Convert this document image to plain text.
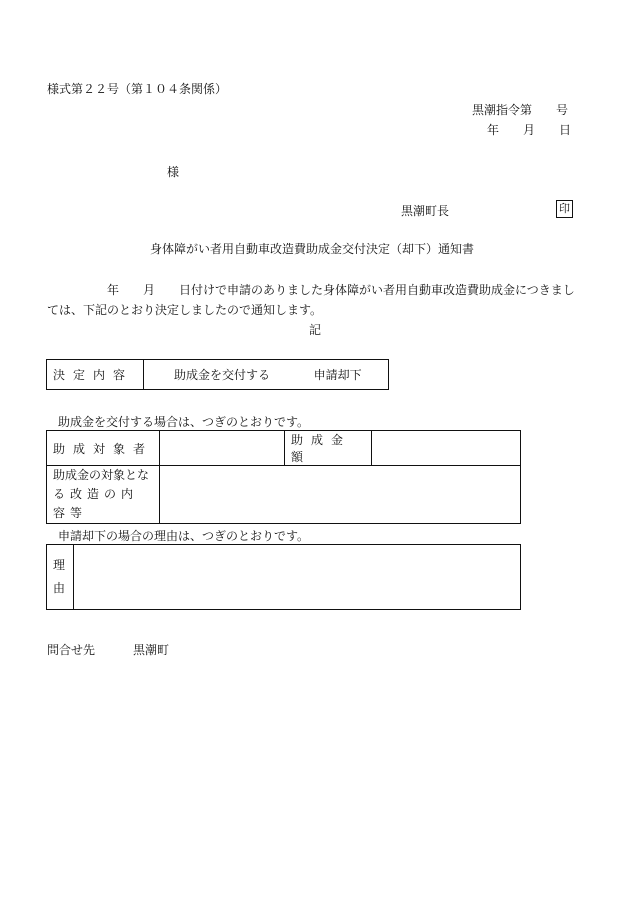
様式第２２号（第１０４条関係）
黒潮指令第　　号
年　　月　　日
様
黒潮町長	印
身体障がい者用自動車改造費助成金交付決定（却下）通知書
年　　月　　日付けで申請のありました身体障がい者用自動車改造費助成金につきまし
ては、下記のとおり決定しましたので通知します。
記
決定内容	助成金を交付する	申請却下
助成金を交付する場合は、つぎのとおりです。
助成対象者		助成金額	

助成金の対象とな
る改造の内容等			

申請却下の場合の理由は、つぎのとおりです。
理
由

問合せ先	黒潮町
